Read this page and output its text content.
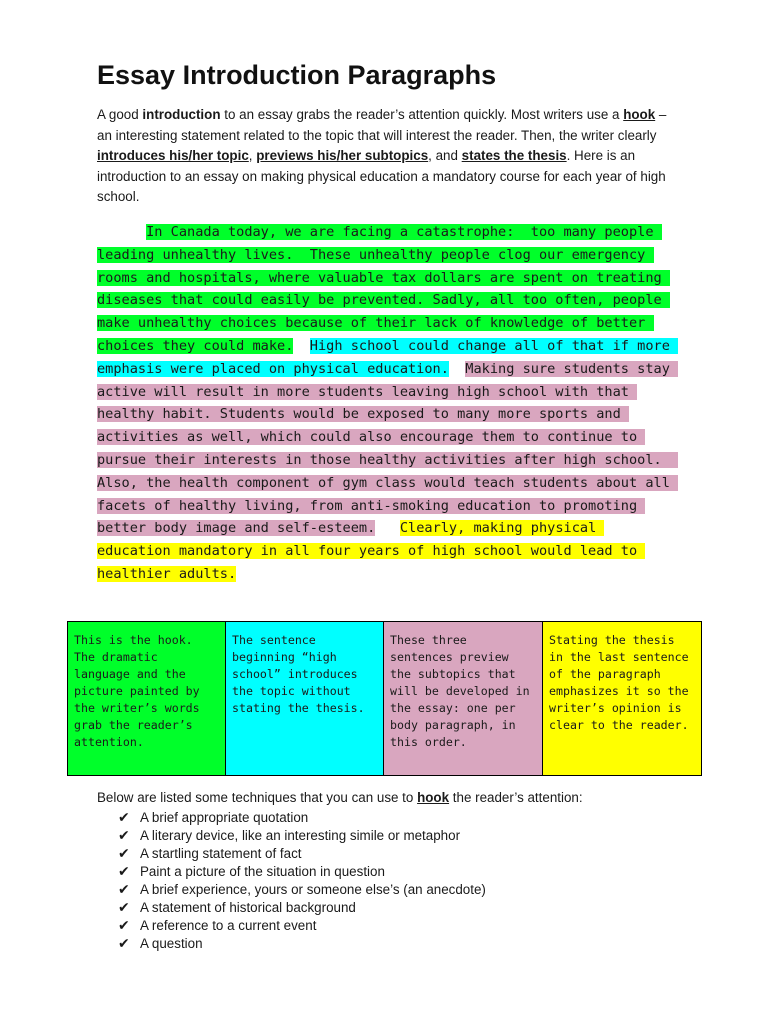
Essay Introduction Paragraphs

A good introduction to an essay grabs the reader’s attention quickly. Most writers use a hook – an interesting statement related to the topic that will interest the reader. Then, the writer clearly introduces his/her topic, previews his/her subtopics, and states the thesis. Here is an introduction to an essay on making physical education a mandatory course for each year of high school.

In Canada today, we are facing a catastrophe:  too many people leading unhealthy lives.  These unhealthy people clog our emergency rooms and hospitals, where valuable tax dollars are spent on treating diseases that could easily be prevented. Sadly, all too often, people make unhealthy choices because of their lack of knowledge of better choices they could make. High school could change all of that if more emphasis were placed on physical education. Making sure students stay active will result in more students leaving high school with that healthy habit. Students would be exposed to many more sports and activities as well, which could also encourage them to continue to pursue their interests in those healthy activities after high school.  Also, the health component of gym class would teach students about all facets of healthy living, from anti-smoking education to promoting better body image and self-esteem. Clearly, making physical education mandatory in all four years of high school would lead to healthier adults.

This is the hook. The dramatic language and the picture painted by the writer’s words grab the reader’s attention.
The sentence beginning “high school” introduces the topic without stating the thesis.
These three sentences preview the subtopics that will be developed in the essay: one per body paragraph, in this order.
Stating the thesis in the last sentence of the paragraph emphasizes it so the writer’s opinion is clear to the reader.

Below are listed some techniques that you can use to hook the reader’s attention:

✔ A brief appropriate quotation
✔ A literary device, like an interesting simile or metaphor
✔ A startling statement of fact
✔ Paint a picture of the situation in question
✔ A brief experience, yours or someone else’s (an anecdote)
✔ A statement of historical background
✔ A reference to a current event
✔ A question
